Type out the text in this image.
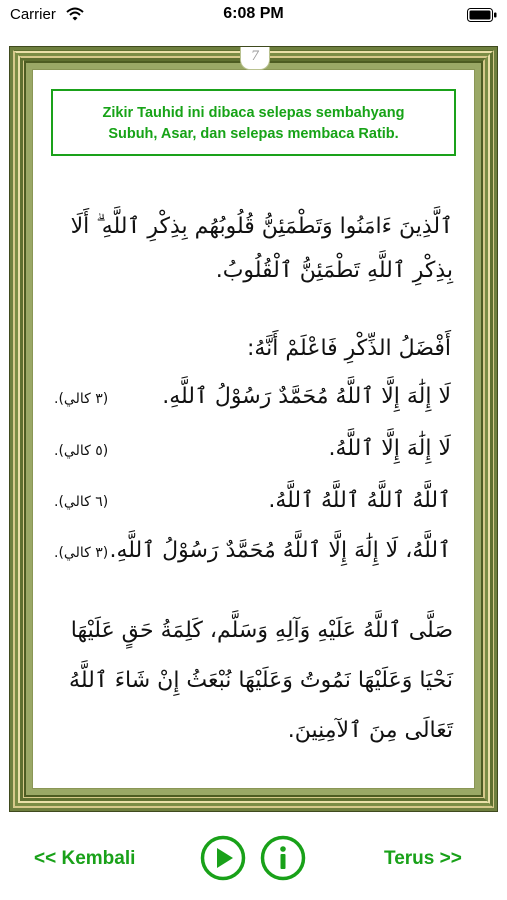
Carrier	6:08 PM
7
Zikir Tauhid ini dibaca selepas sembahyang
Subuh, Asar, dan selepas membaca Ratib.
ٱلَّذِينَ ءَامَنُوا وَتَطْمَئِنُّ قُلُوبُهُم بِذِكْرِ ٱللَّهِ ۗ أَلَا بِذِكْرِ ٱللَّهِ تَطْمَئِنُّ ٱلْقُلُوبُ.
أَفْضَلُ الذِّكْرِ فَاعْلَمْ أَنَّهُ:
لَا إِلَٰهَ إِلَّا ٱللَّهُ مُحَمَّدٌ رَسُوْلُ ٱللَّهِ.
(٣ كالي).
لَا إِلَٰهَ إِلَّا ٱللَّهُ.
(٥ كالي).
ٱللَّهُ ٱللَّهُ ٱللَّهُ ٱللَّهُ.
(٦ كالي).
ٱللَّهُ، لَا إِلَٰهَ إِلَّا ٱللَّهُ مُحَمَّدٌ رَسُوْلُ ٱللَّهِ.
(٣ كالي).
صَلَّى ٱللَّهُ عَلَيْهِ وَآلِهِ وَسَلَّم، كَلِمَةُ حَقٍ عَلَيْهَا نَحْيَا وَعَلَيْهَا نَمُوتُ وَعَلَيْهَا نُبْعَثُ إِنْ شَاءَ ٱللَّهُ تَعَالَى مِنَ ٱلآمِنِينَ.
<< Kembali	Terus >>
